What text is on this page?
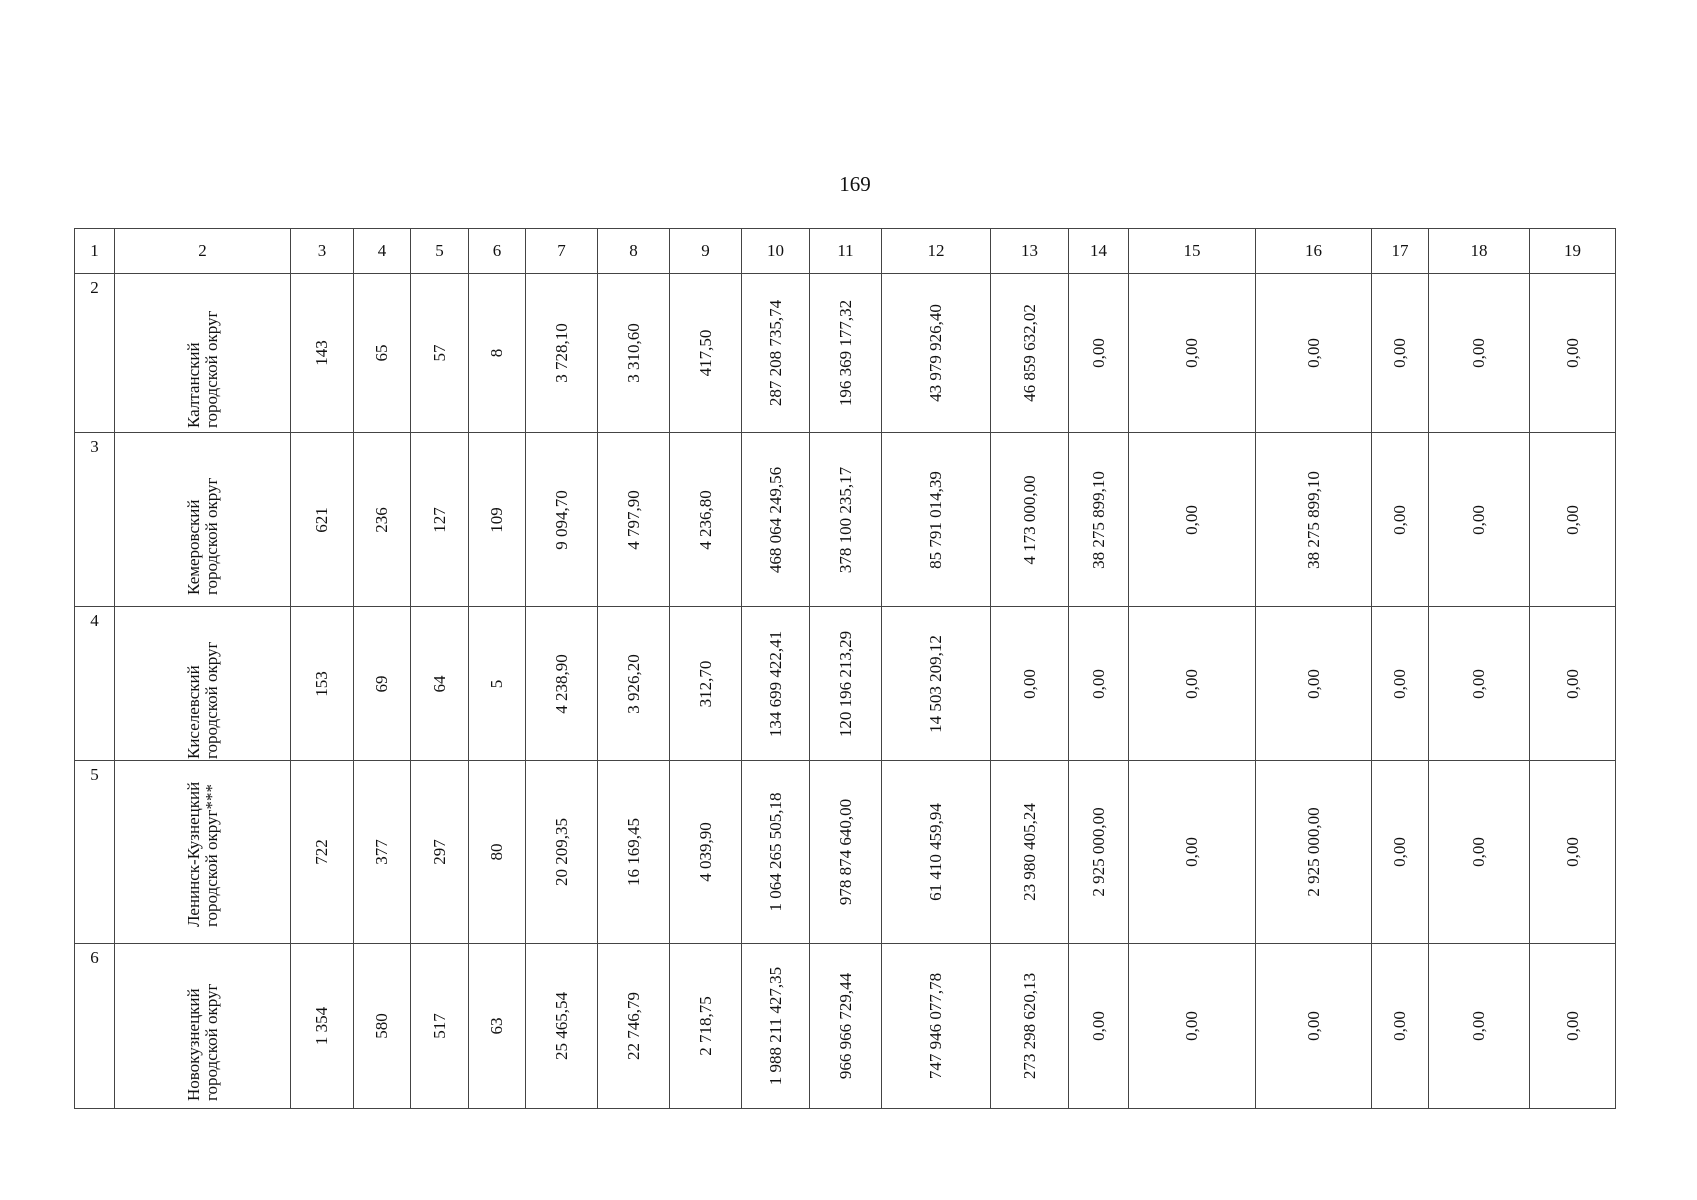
169
1	2	3	4	5	6	7	8	9	10	11	12	13	14	15	16	17	18	19
2	Калтанский городской округ	143	65	57	8	3 728,10	3 310,60	417,50	287 208 735,74	196 369 177,32	43 979 926,40	46 859 632,02	0,00	0,00	0,00	0,00	0,00	0,00

3	Кемеровский городской округ	621	236	127	109	9 094,70	4 797,90	4 236,80	468 064 249,56	378 100 235,17	85 791 014,39	4 173 000,00	38 275 899,10	0,00	38 275 899,10	0,00	0,00	0,00

4	Киселевский городской округ	153	69	64	5	4 238,90	3 926,20	312,70	134 699 422,41	120 196 213,29	14 503 209,12	0,00	0,00	0,00	0,00	0,00	0,00	0,00

5	Ленинск-Кузнецкий городской округ***	722	377	297	80	20 209,35	16 169,45	4 039,90	1 064 265 505,18	978 874 640,00	61 410 459,94	23 980 405,24	2 925 000,00	0,00	2 925 000,00	0,00	0,00	0,00

6	Новокузнецкий городской округ	1 354	580	517	63	25 465,54	22 746,79	2 718,75	1 988 211 427,35	966 966 729,44	747 946 077,78	273 298 620,13	0,00	0,00	0,00	0,00	0,00	0,00
